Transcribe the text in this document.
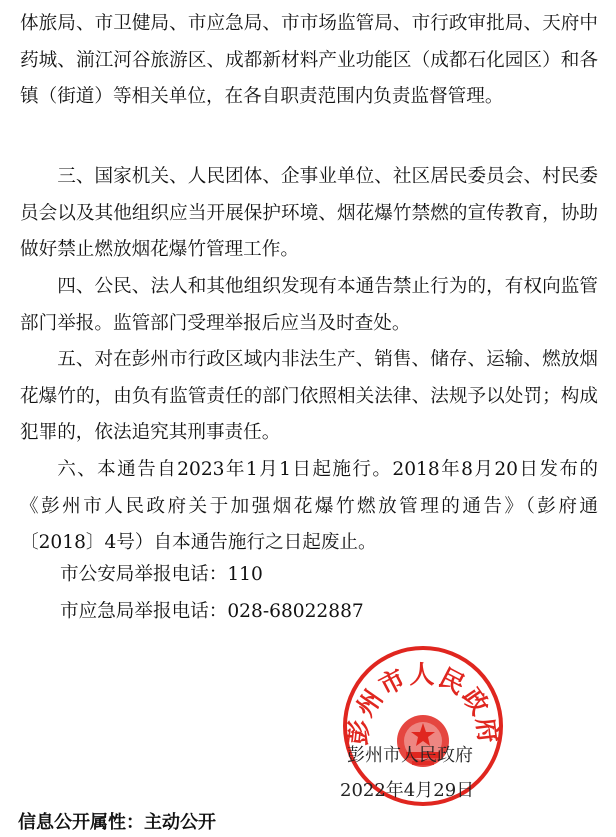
体旅局、市卫健局、市应急局、市市场监管局、市行政审批局、天府中药城、湔江河谷旅游区、成都新材料产业功能区（成都石化园区）和各镇（街道）等相关单位，在各自职责范围内负责监督管理。

三、国家机关、人民团体、企事业单位、社区居民委员会、村民委员会以及其他组织应当开展保护环境、烟花爆竹禁燃的宣传教育，协助做好禁止燃放烟花爆竹管理工作。

四、公民、法人和其他组织发现有本通告禁止行为的，有权向监管部门举报。监管部门受理举报后应当及时查处。

五、对在彭州市行政区域内非法生产、销售、储存、运输、燃放烟花爆竹的，由负有监管责任的部门依照相关法律、法规予以处罚；构成犯罪的，依法追究其刑事责任。

六、本通告自2023年1月1日起施行。2018年8月20日发布的《彭州市人民政府关于加强烟花爆竹燃放管理的通告》（彭府通〔2018〕4号）自本通告施行之日起废止。

市公安局举报电话：110

市应急局举报电话：028-68022887

彭州市人民政府
彭州市人民政府
2022年4月29日
信息公开属性：主动公开
